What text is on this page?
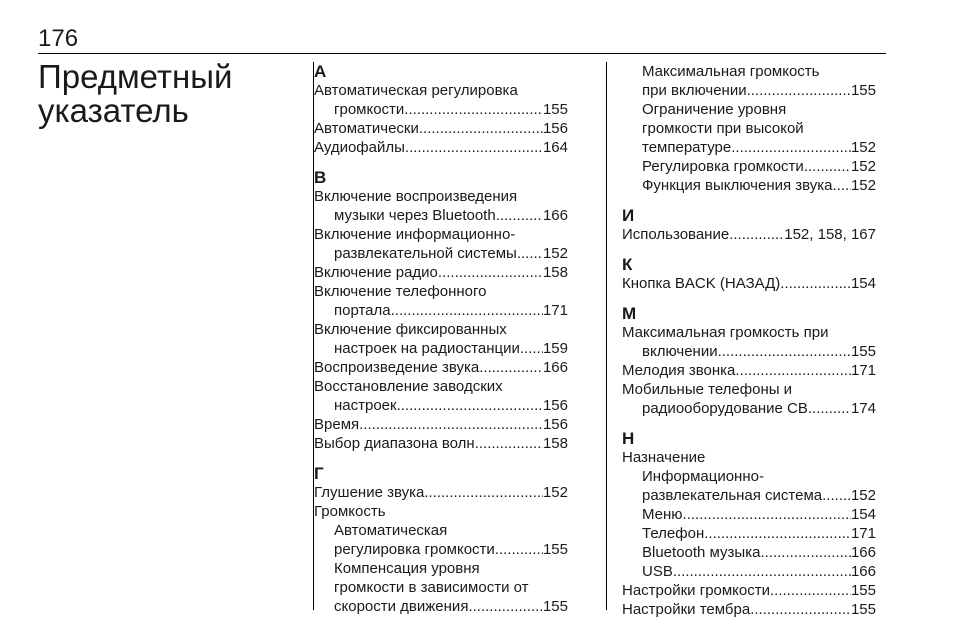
176
Предметный
указатель
А
Автоматическая регулировка
громкости .....	155
Автоматически .....	156
Аудиофайлы .....	164
В
Включение воспроизведения
музыки через Bluetooth .....	166
Включение информационно-
развлекательной системы ..... 152
Включение радио .....	158
Включение телефонного
портала .....	171
Включение фиксированных
настроек на радиостанции ..... 159
Воспроизведение звука .....	166
Восстановление заводских
настроек .....	156
Время .....	156
Выбор диапазона волн .....	158
Г
Глушение звука .....	152
Громкость
Автоматическая
регулировка громкости .....	155
Компенсация уровня
громкости в зависимости от
скорости движения .....	155
Максимальная громкость
при включении .....	155
Ограничение уровня
громкости при высокой
температуре .....	152
Регулировка громкости .....	152
Функция выключения звука. ..... 152
И
Использование .....	152, 158, 167
К
Кнопка BACK (НАЗАД) .....	154
М
Максимальная громкость при
включении .....	155
Мелодия звонка .....	171
Мобильные телефоны и
радиооборудование CB .....	174
Н
Назначение
Информационно-
развлекательная система ..... 152
Меню .....	154
Телефон .....	171
Bluetooth музыка .....	166
USB .....	166
Настройки громкости .....	155
Настройки тембра .....	155
